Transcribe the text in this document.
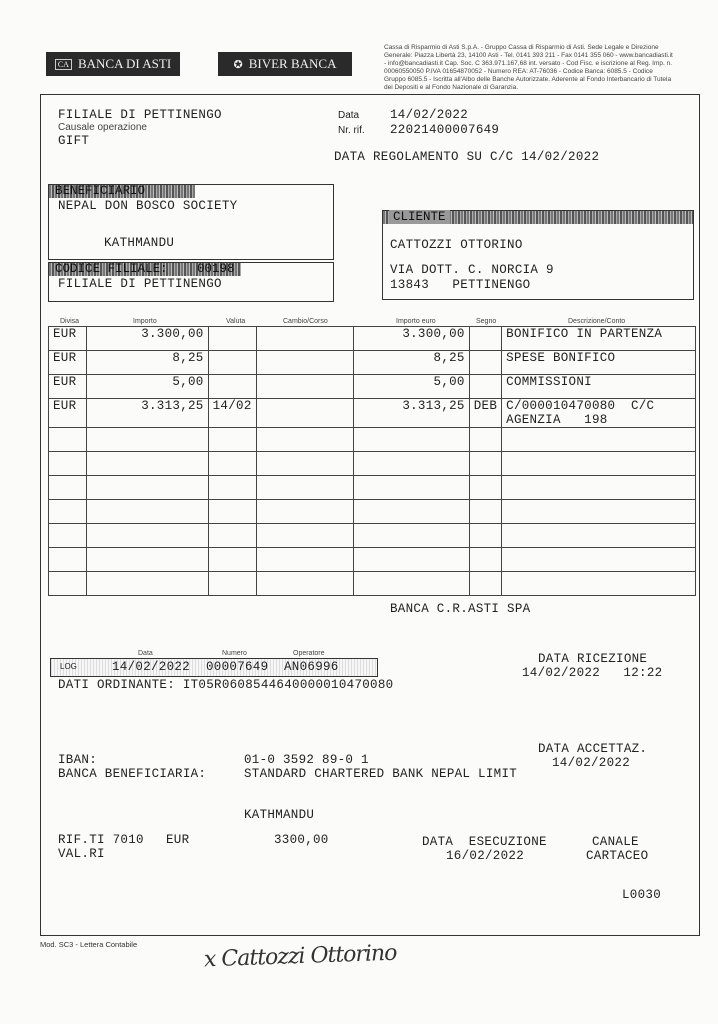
CA BANCA DI ASTI	✪ BIVER BANCA
Cassa di Risparmio di Asti S.p.A. - Gruppo Cassa di Risparmio di Asti. Sede Legale e Direzione Generale: Piazza Libertà 23, 14100 Asti - Tel. 0141 393 211 - Fax 0141 355 060 - www.bancadiasti.it - info@bancadiasti.it Cap. Soc. C 363.971.167,68 int. versato - Cod Fisc. e iscrizione al Reg. Imp. n. 00060550050 P.IVA 01654870052 - Numero REA: AT-76036 - Codice Banca: 6085.5 - Codice Gruppo 6085.5 - Iscritta all'Albo delle Banche Autorizzate. Aderente al Fondo Interbancario di Tutela dei Depositi e al Fondo Nazionale di Garanzia.
FILIALE DI PETTINENGO
Causale operazione
GIFT
Data 14/02/2022
Nr. rif. 22021400007649
DATA REGOLAMENTO SU C/C 14/02/2022
BENEFICIARIO
NEPAL DON BOSCO SOCIETY
KATHMANDU
CODICE FILIALE: 00198
FILIALE DI PETTINENGO
CLIENTE
CATTOZZI OTTORINO
VIA DOTT. C. NORCIA 9
13843   PETTINENGO
Divisa	Importo	Valuta	Cambio/Corso	Importo euro	Segno	Descrizione/Conto
EUR	3.300,00			3.300,00		BONIFICO IN PARTENZA
EUR	8,25			8,25		SPESE BONIFICO
EUR	5,00			5,00		COMMISSIONI
EUR	3.313,25	14/02		3.313,25	DEB	C/000010470080  C/C
AGENZIA   198

BANCA C.R.ASTI SPA
Data	Numero	Operatore
LOG	14/02/2022 00007649 AN06996
DATA RICEZIONE
14/02/2022   12:22
DATI ORDINANTE: IT05R0608544640000010470080
DATA ACCETTAZ.
14/02/2022
IBAN:	01-0 3592 89-0 1
BANCA BENEFICIARIA:	STANDARD CHARTERED BANK NEPAL LIMIT
KATHMANDU
RIF.TI 7010 EUR	3300,00
VAL.RI
DATA  ESECUZIONE
16/02/2022
CANALE
CARTACEO
L0030
Mod. SC3 - Lettera Contabile	x Cattozzi Ottorino
